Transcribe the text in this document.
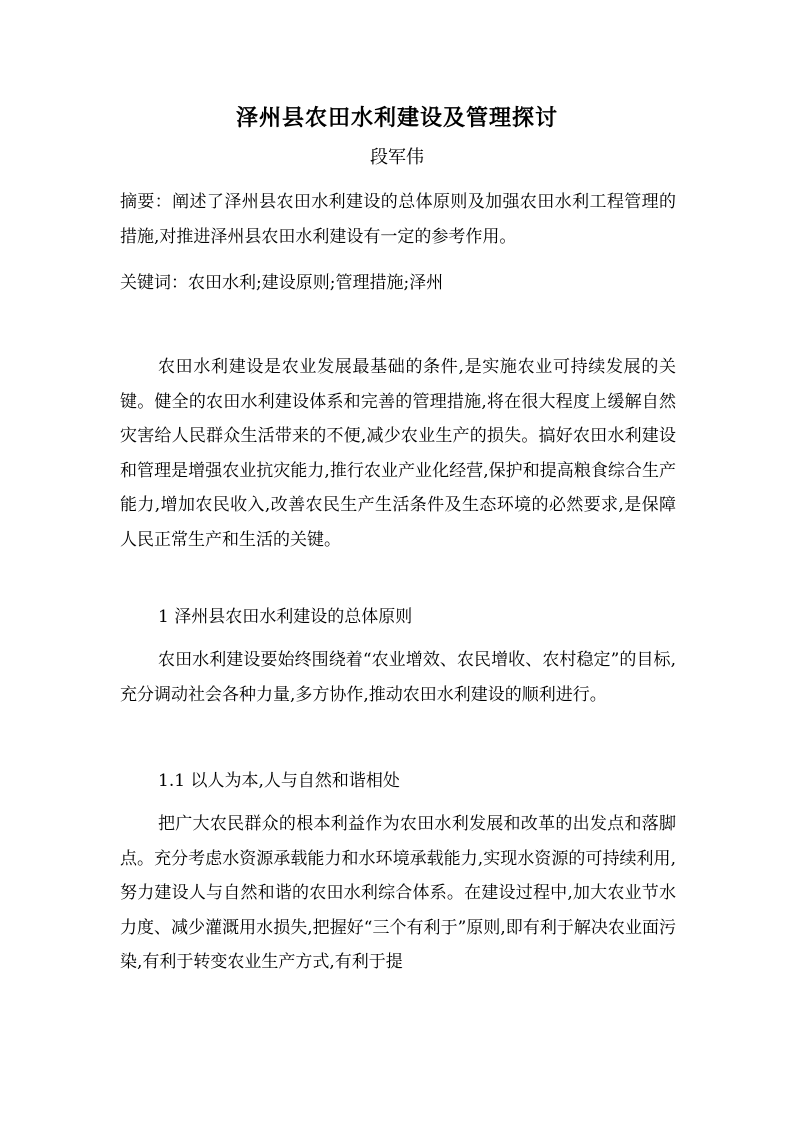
泽州县农田水利建设及管理探讨
段军伟
摘要：阐述了泽州县农田水利建设的总体原则及加强农田水利工程管理的措施,对推进泽州县农田水利建设有一定的参考作用。
关键词：农田水利;建设原则;管理措施;泽州
农田水利建设是农业发展最基础的条件,是实施农业可持续发展的关键。健全的农田水利建设体系和完善的管理措施,将在很大程度上缓解自然灾害给人民群众生活带来的不便,减少农业生产的损失。搞好农田水利建设和管理是增强农业抗灾能力,推行农业产业化经营,保护和提高粮食综合生产能力,增加农民收入,改善农民生产生活条件及生态环境的必然要求,是保障人民正常生产和生活的关键。
1 泽州县农田水利建设的总体原则
农田水利建设要始终围绕着“农业增效、农民增收、农村稳定”的目标,充分调动社会各种力量,多方协作,推动农田水利建设的顺利进行。
1.1 以人为本,人与自然和谐相处
把广大农民群众的根本利益作为农田水利发展和改革的出发点和落脚点。充分考虑水资源承载能力和水环境承载能力,实现水资源的可持续利用,努力建设人与自然和谐的农田水利综合体系。在建设过程中,加大农业节水力度、减少灌溉用水损失,把握好“三个有利于”原则,即有利于解决农业面污染,有利于转变农业生产方式,有利于提
